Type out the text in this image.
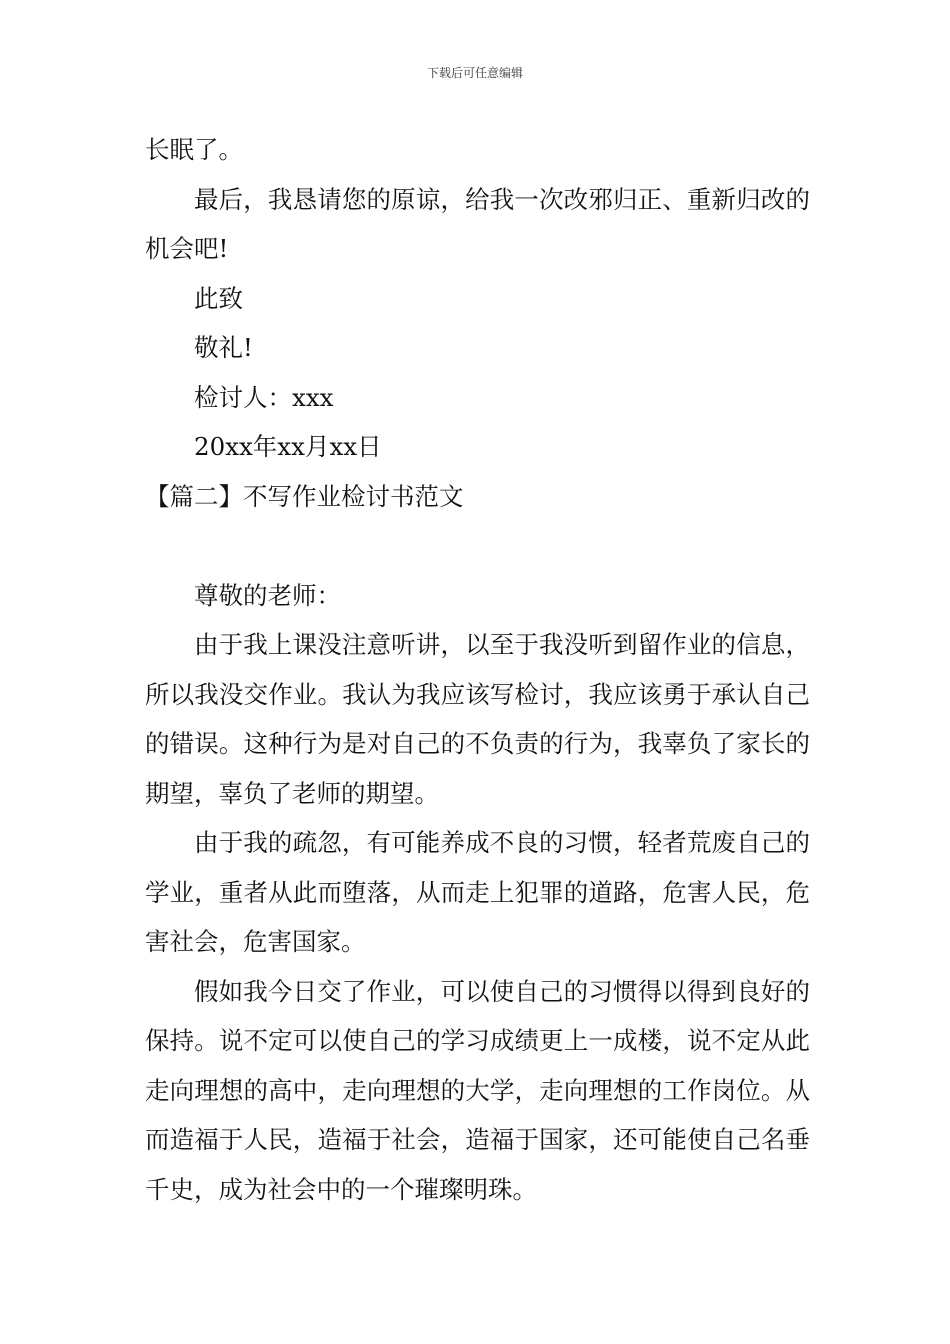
下载后可任意编辑

长眠了。

最后，我恳请您的原谅，给我一次改邪归正、重新归改的机会吧!

此致

敬礼!

检讨人：xxx

20xx年xx月xx日

【篇二】不写作业检讨书范文

尊敬的老师：

由于我上课没注意听讲，以至于我没听到留作业的信息，所以我没交作业。我认为我应该写检讨，我应该勇于承认自己的错误。这种行为是对自己的不负责的行为，我辜负了家长的期望，辜负了老师的期望。

由于我的疏忽，有可能养成不良的习惯，轻者荒废自己的学业，重者从此而堕落，从而走上犯罪的道路，危害人民，危害社会，危害国家。

假如我今日交了作业，可以使自己的习惯得以得到良好的保持。说不定可以使自己的学习成绩更上一成楼，说不定从此走向理想的高中，走向理想的大学，走向理想的工作岗位。从而造福于人民，造福于社会，造福于国家，还可能使自己名垂千史，成为社会中的一个璀璨明珠。
